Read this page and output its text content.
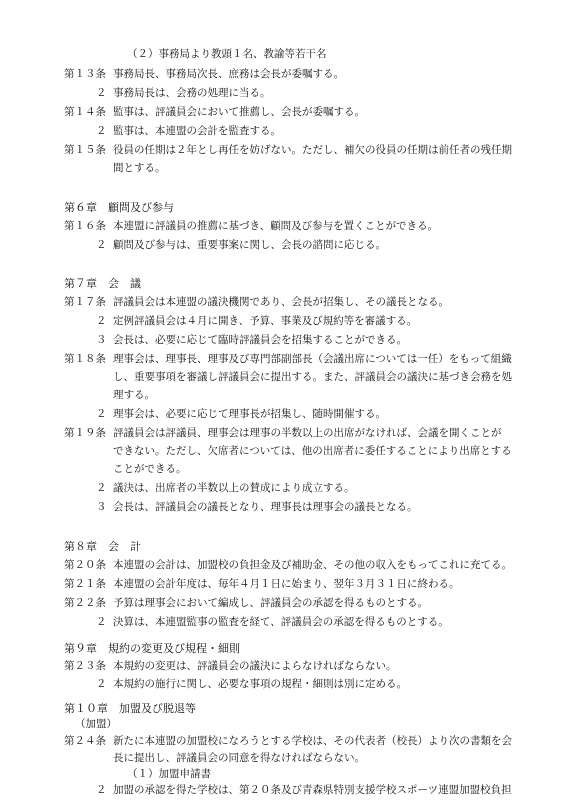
（２）事務局より教頭１名、教諭等若干名
第１３条 事務局長、事務局次長、庶務は会長が委嘱する。
２ 事務局長は、会務の処理に当る。
第１４条 監事は、評議員会において推薦し、会長が委嘱する。
２ 監事は、本連盟の会計を監査する。
第１５条 役員の任期は２年とし再任を妨げない。ただし、補欠の役員の任期は前任者の残任期
間とする。
第６章　顧問及び参与
第１６条 本連盟に評議員の推薦に基づき、顧問及び参与を置くことができる。
２ 顧問及び参与は、重要事案に関し、会長の諮問に応じる。
第７章　会　議
第１７条 評議員会は本連盟の議決機関であり、会長が招集し、その議長となる。
２ 定例評議員会は４月に開き、予算、事業及び規約等を審議する。
３ 会長は、必要に応じて臨時評議員会を招集することができる。
第１８条 理事会は、理事長、理事及び専門部副部長（会議出席については一任）をもって組織
し、重要事項を審議し評議員会に提出する。また、評議員会の議決に基づき会務を処
理する。
２ 理事会は、必要に応じて理事長が招集し、随時開催する。
第１９条 評議員会は評議員、理事会は理事の半数以上の出席がなければ、会議を開くことが
できない。ただし、欠席者については、他の出席者に委任することにより出席とする
ことができる。
２ 議決は、出席者の半数以上の賛成により成立する。
３ 会長は、評議員会の議長となり、理事長は理事会の議長となる。
第８章　会　計
第２０条 本連盟の会計は、加盟校の負担金及び補助金、その他の収入をもってこれに充てる。
第２１条 本連盟の会計年度は、毎年４月１日に始まり、翌年３月３１日に終わる。
第２２条 予算は理事会において編成し、評議員会の承認を得るものとする。
２ 決算は、本連盟監事の監査を経て、評議員会の承認を得るものとする。
第９章　規約の変更及び規程・細則
第２３条 本規約の変更は、評議員会の議決によらなければならない。
２ 本規約の施行に関し、必要な事項の規程・細則は別に定める。
第１０章　加盟及び脱退等
（加盟）
第２４条 新たに本連盟の加盟校になろうとする学校は、その代表者（校長）より次の書類を会
長に提出し、評議員会の同意を得なければならない。
（１）加盟申請書
２ 加盟の承認を得た学校は、第２０条及び青森県特別支援学校スポーツ連盟加盟校負担
